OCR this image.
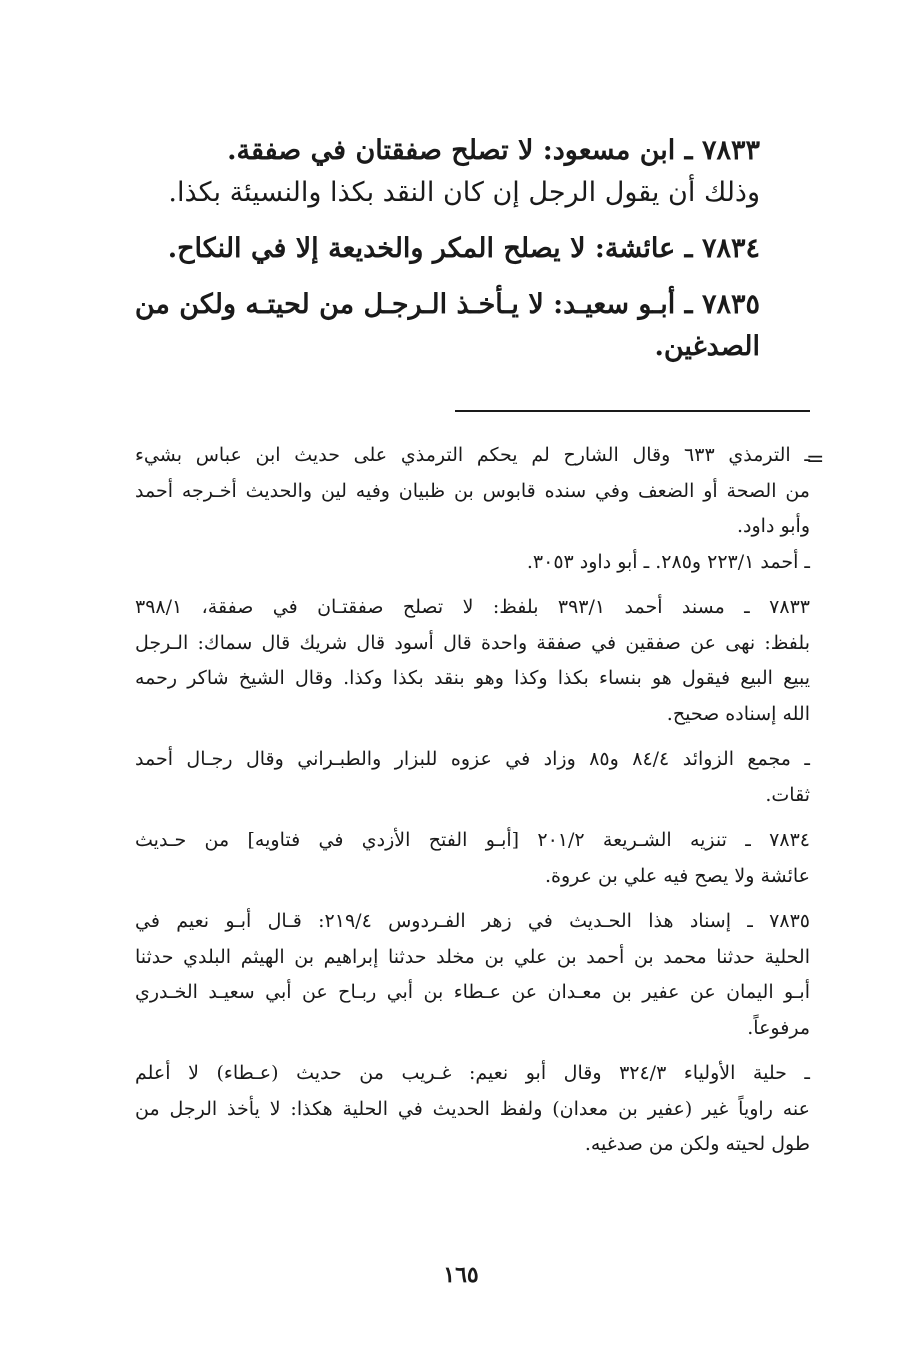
٧٨٣٣ ـ ابن مسعود: لا تصلح صفقتان في صفقة.
وذلك أن يقول الرجل إن كان النقد بكذا والنسيئة بكذا.
٧٨٣٤ ـ عائشة: لا يصلح المكر والخديعة إلا في النكاح.
٧٨٣٥ ـ أبـو سعيـد: لا يـأخـذ الـرجـل من لحيتـه ولكن من
الصدغين.
=
ـ الترمذي ٦٣٣ وقال الشارح لم يحكم الترمذي على حديث ابن عباس بشيء
من الصحة أو الضعف وفي سنده قابوس بن ظبيان وفيه لين والحديث أخـرجه أحمد
وأبو داود.
ـ أحمد ٢٢٣/١ و٢٨٥. ـ أبو داود ٣٠٥٣.
٧٨٣٣ ـ مسند أحمد ٣٩٣/١ بلفظ: لا تصلح صفقتـان في صفقة، ٣٩٨/١
بلفظ: نهى عن صفقين في صفقة واحدة قال أسود قال شريك قال سماك: الـرجل
يبيع البيع فيقول هو بنساء بكذا وكذا وهو بنقد بكذا وكذا. وقال الشيخ شاكر رحمه
الله إسناده صحيح.
ـ مجمع الزوائد ٨٤/٤ و٨٥ وزاد في عزوه للبزار والطبـراني وقال رجـال أحمد
ثقات.
٧٨٣٤ ـ تنزيه الشـريعة ٢٠١/٢ [أبـو الفتح الأزدي في فتاويه] من حـديث
عائشة ولا يصح فيه علي بن عروة.
٧٨٣٥ ـ إسناد هذا الحـديث في زهر الفـردوس ٢١٩/٤: قـال أبـو نعيم في
الحلية حدثنا محمد بن أحمد بن علي بن مخلد حدثنا إبراهيم بن الهيثم البلدي حدثنا
أبـو اليمان عن عفير بن معـدان عن عـطاء بن أبي ربـاح عن أبي سعيـد الخـدري
مرفوعاً.
ـ حلية الأولياء ٣٢٤/٣ وقال أبو نعيم: غـريب من حديث (عـطاء) لا أعلم
عنه راوياً غير (عفير بن معدان) ولفظ الحديث في الحلية هكذا: لا يأخذ الرجل من
طول لحيته ولكن من صدغيه.
١٦٥
